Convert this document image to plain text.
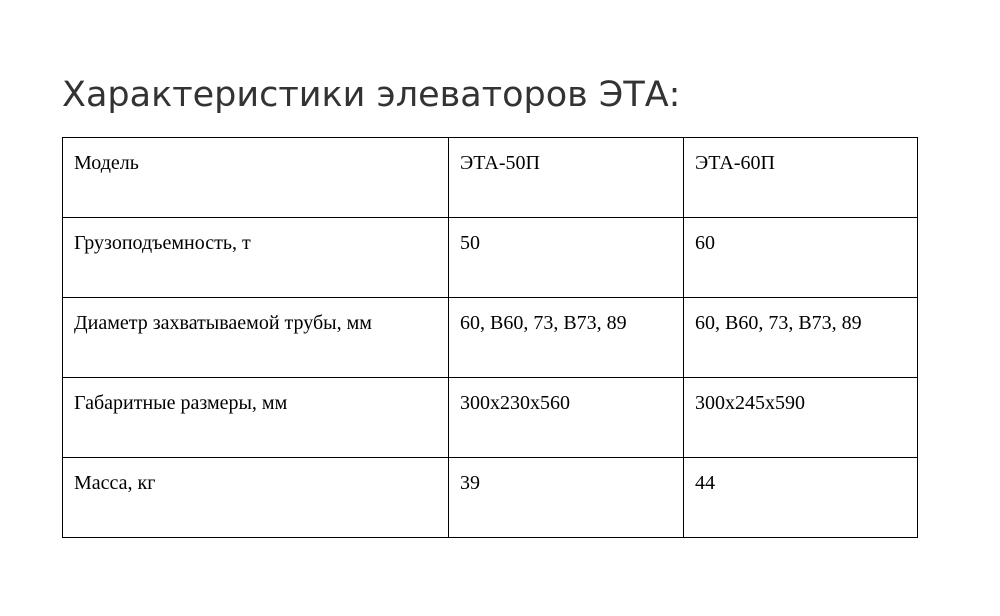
Характеристики элеваторов ЭТА:
Модель	ЭТА-50П	ЭТА-60П
Грузоподъемность, т	50	60
Диаметр захватываемой трубы, мм	60, В60, 73, В73, 89	60, В60, 73, В73, 89
Габаритные размеры, мм	300х230х560	300х245х590
Масса, кг	39	44
